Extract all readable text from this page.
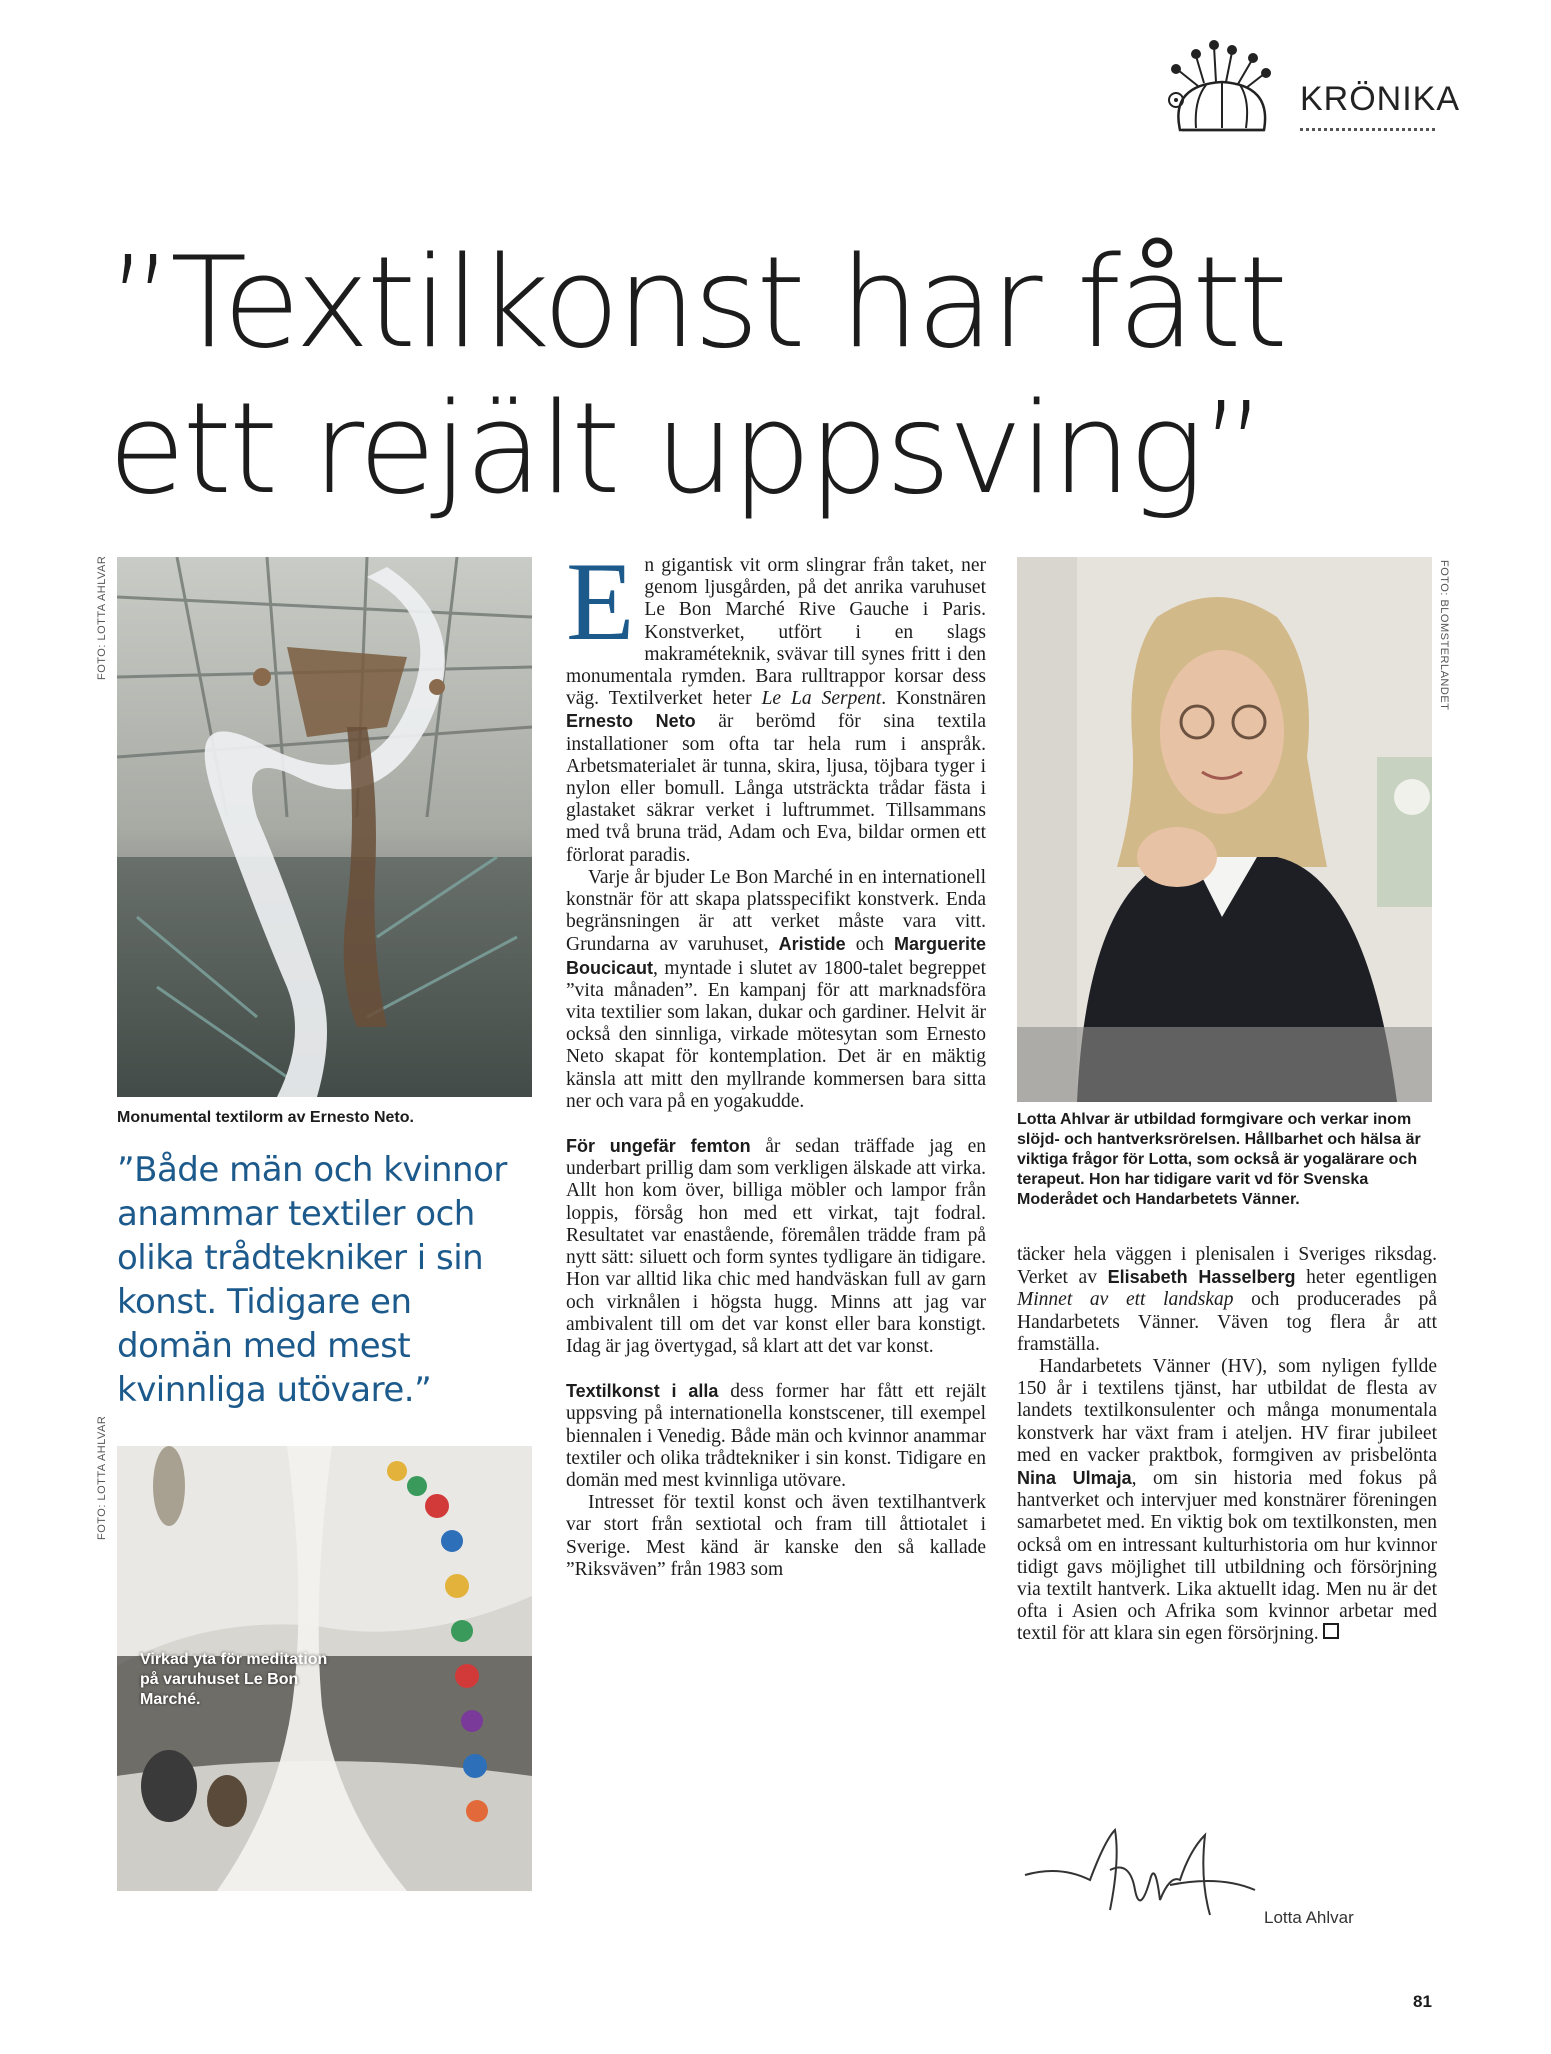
KRÖNIKA
”Textilkonst har fått ett rejält uppsving”
FOTO: LOTTA AHLVAR

Monumental textilorm av Ernesto Neto.

”Både män och kvinnor anammar textiler och olika trådtekniker i sin konst. Tidigare en domän med mest kvinnliga utövare.”

FOTO: LOTTA AHLVAR

Virkad yta för meditation på varuhuset Le Bon Marché.

FOTO: BLOMSTERLANDET

Lotta Ahlvar är utbildad formgivare och verkar inom slöjd- och hantverksrörelsen. Hållbarhet och hälsa är viktiga frågor för Lotta, som också är yogalärare och terapeut. Hon har tidigare varit vd för Svenska Moderådet och Handarbetets Vänner.

En gigantisk vit orm slingrar från taket, ner genom ljusgården, på det anrika varuhuset Le Bon Marché Rive Gauche i Paris. Konstverket, utfört i en slags makraméteknik, svävar till synes fritt i den monumentala rymden. Bara rulltrappor korsar dess väg. Textilverket heter Le La Serpent. Konstnären Ernesto Neto är berömd för sina textila installationer som ofta tar hela rum i anspråk. Arbetsmaterialet är tunna, skira, ljusa, töjbara tyger i nylon eller bomull. Långa utsträckta trådar fästa i glastaket säkrar verket i luftrummet. Tillsammans med två bruna träd, Adam och Eva, bildar ormen ett förlorat paradis.

Varje år bjuder Le Bon Marché in en internationell konstnär för att skapa platsspecifikt konstverk. Enda begränsningen är att verket måste vara vitt. Grundarna av varuhuset, Aristide och Marguerite Boucicaut, myntade i slutet av 1800-talet begreppet ”vita månaden”. En kampanj för att marknadsföra vita textilier som lakan, dukar och gardiner. Helvit är också den sinnliga, virkade mötesytan som Ernesto Neto skapat för kontemplation. Det är en mäktig känsla att mitt den myllrande kommersen bara sitta ner och vara på en yogakudde.

För ungefär femton år sedan träffade jag en underbart prillig dam som verkligen älskade att virka. Allt hon kom över, billiga möbler och lampor från loppis, försåg hon med ett virkat, tajt fodral. Resultatet var enastående, föremålen trädde fram på nytt sätt: siluett och form syntes tydligare än tidigare. Hon var alltid lika chic med handväskan full av garn och virknålen i högsta hugg. Minns att jag var ambivalent till om det var konst eller bara konstigt. Idag är jag övertygad, så klart att det var konst.

Textilkonst i alla dess former har fått ett rejält uppsving på internationella konstscener, till exempel biennalen i Venedig. Både män och kvinnor anammar textiler och olika trådtekniker i sin konst. Tidigare en domän med mest kvinnliga utövare.

Intresset för textil konst och även textilhantverk var stort från sextiotal och fram till åttiotalet i Sverige. Mest känd är kanske den så kallade ”Riksväven” från 1983 som

täcker hela väggen i plenisalen i Sveriges riksdag. Verket av Elisabeth Hasselberg heter egentligen Minnet av ett landskap och producerades på Handarbetets Vänner. Väven tog flera år att framställa.

Handarbetets Vänner (HV), som nyligen fyllde 150 år i textilens tjänst, har utbildat de flesta av landets textilkonsulenter och många monumentala konstverk har växt fram i ateljen. HV firar jubileet med en vacker praktbok, formgiven av prisbelönta Nina Ulmaja, om sin historia med fokus på hantverket och intervjuer med konstnärer föreningen samarbetet med. En viktig bok om textilkonsten, men också om en intressant kulturhistoria om hur kvinnor tidigt gavs möjlighet till utbildning och försörjning via textilt hantverk. Lika aktuellt idag. Men nu är det ofta i Asien och Afrika som kvinnor arbetar med textil för att klara sin egen försörjning.

Lotta Ahlvar
81
